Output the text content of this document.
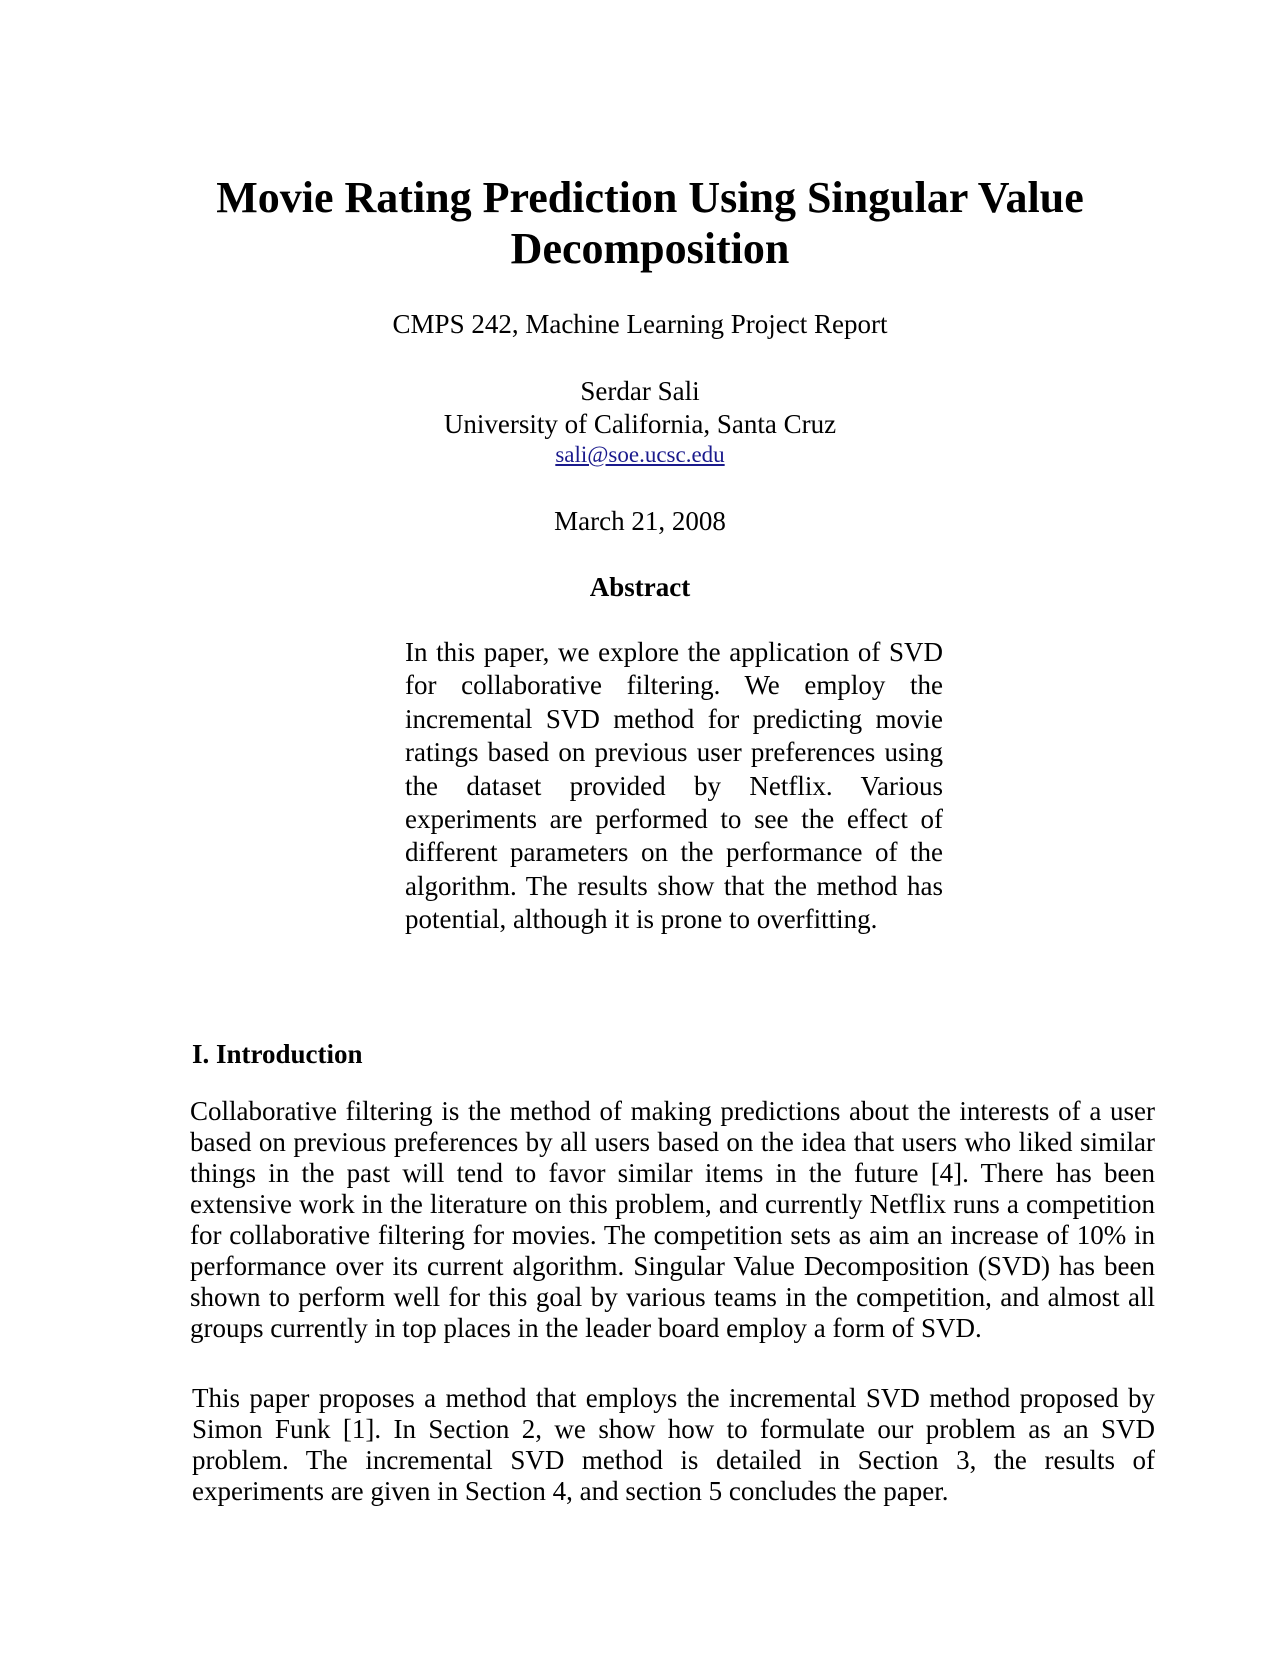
Movie Rating Prediction Using Singular Value Decomposition

CMPS 242, Machine Learning Project Report

Serdar Sali

University of California, Santa Cruz

sali@soe.ucsc.edu

March 21, 2008

Abstract

In this paper, we explore the application of SVD for collaborative filtering. We employ the incremental SVD method for predicting movie ratings based on previous user preferences using the dataset provided by Netflix. Various experiments are performed to see the effect of different parameters on the performance of the algorithm. The results show that the method has potential, although it is prone to overfitting.

I. Introduction

Collaborative filtering is the method of making predictions about the interests of a user based on previous preferences by all users based on the idea that users who liked similar things in the past will tend to favor similar items in the future [4]. There has been extensive work in the literature on this problem, and currently Netflix runs a competition for collaborative filtering for movies. The competition sets as aim an increase of 10% in performance over its current algorithm. Singular Value Decomposition (SVD) has been shown to perform well for this goal by various teams in the competition, and almost all groups currently in top places in the leader board employ a form of SVD.

This paper proposes a method that employs the incremental SVD method proposed by Simon Funk [1]. In Section 2, we show how to formulate our problem as an SVD problem. The incremental SVD method is detailed in Section 3, the results of experiments are given in Section 4, and section 5 concludes the paper.
